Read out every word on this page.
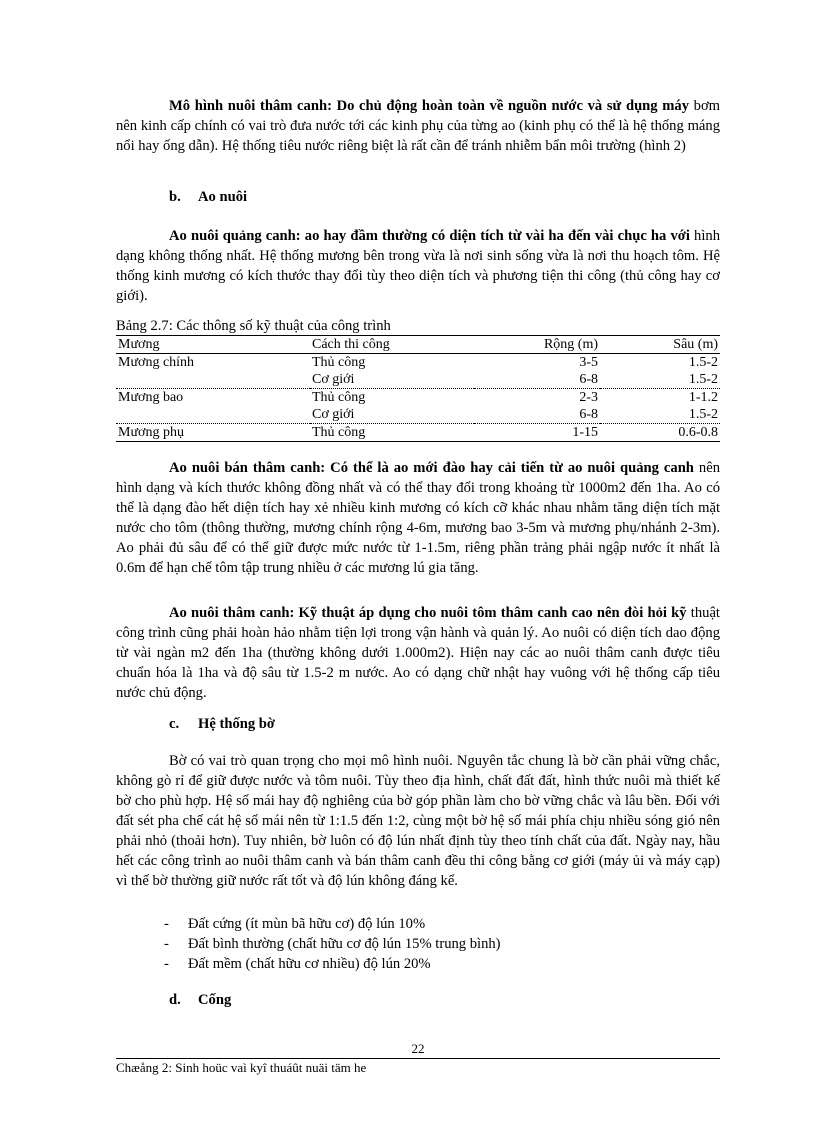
Mô hình nuôi thâm canh: Do chủ động hoàn toàn về nguồn nước và sử dụng máy bơm nên kinh cấp chính có vai trò đưa nước tới các kinh phụ của từng ao (kinh phụ có thể là hệ thống máng nổi hay ống dẫn). Hệ thống tiêu nước riêng biệt là rất cần để tránh nhiễm bẩn môi trường (hình 2)

b. Ao nuôi

Ao nuôi quảng canh: ao hay đầm thường có diện tích từ vài ha đến vài chục ha với hình dạng không thống nhất. Hệ thống mương bên trong vừa là nơi sinh sống vừa là nơi thu hoạch tôm. Hệ thống kinh mương có kích thước thay đổi tùy theo diện tích và phương tiện thi công (thủ công hay cơ giới).

Bảng 2.7: Các thông số kỹ thuật của công trình
Mương	Cách thi công	Rộng (m)	Sâu (m)
Mương chính	Thủ công	3-5	1.5-2
	Cơ giới	6-8	1.5-2
Mương bao	Thủ công	2-3	1-1.2
	Cơ giới	6-8	1.5-2
Mương phụ	Thủ công	1-15	0.6-0.8

Ao nuôi bán thâm canh: Có thể là ao mới đào hay cải tiến từ ao nuôi quảng canh nên hình dạng và kích thước không đồng nhất và có thể thay đổi trong khoảng từ 1000m2 đến 1ha. Ao có thể là dạng đào hết diện tích hay xẻ nhiều kinh mương có kích cỡ khác nhau nhằm tăng diện tích mặt nước cho tôm (thông thường, mương chính rộng 4-6m, mương bao 3-5m và mương phụ/nhánh 2-3m). Ao phải đủ sâu để có thể giữ được mức nước từ 1-1.5m, riêng phần trảng phải ngập nước ít nhất là 0.6m để hạn chế tôm tập trung nhiều ở các mương lú gia tăng.

Ao nuôi thâm canh: Kỹ thuật áp dụng cho nuôi tôm thâm canh cao nên đòi hỏi kỹ thuật công trình cũng phải hoàn hảo nhằm tiện lợi trong vận hành và quản lý. Ao nuôi có diện tích dao động từ vài ngàn m2 đến 1ha (thường không dưới 1.000m2). Hiện nay các ao nuôi thâm canh được tiêu chuẩn hóa là 1ha và độ sâu từ 1.5-2 m nước. Ao có dạng chữ nhật hay vuông với hệ thống cấp tiêu nước chủ động.

c. Hệ thống bờ

Bờ có vai trò quan trọng cho mọi mô hình nuôi. Nguyên tắc chung là bờ cần phải vững chắc, không gò rỉ để giữ được nước và tôm nuôi. Tùy theo địa hình, chất đất đất, hình thức nuôi mà thiết kế bờ cho phù hợp. Hệ số mái hay độ nghiêng của bờ góp phần làm cho bờ vững chắc và lâu bền. Đối với đất sét pha chế cát hệ số mái nên từ 1:1.5 đến 1:2, cùng một bờ hệ số mái phía chịu nhiều sóng gió nên phải nhỏ (thoải hơn). Tuy nhiên, bờ luôn có độ lún nhất định tùy theo tính chất của đất. Ngày nay, hầu hết các công trình ao nuôi thâm canh và bán thâm canh đều thi công bằng cơ giới (máy ủi và máy cạp) vì thế bờ thường giữ nước rất tốt và độ lún không đáng kể.

- Đất cứng (ít mùn bã hữu cơ) độ lún 10%
- Đất bình thường (chất hữu cơ độ lún 15% trung bình)
- Đất mềm (chất hữu cơ nhiều) độ lún 20%
d. Cống
22
Chæång 2: Sinh hoüc vaì kyî thuáût nuäi täm he
